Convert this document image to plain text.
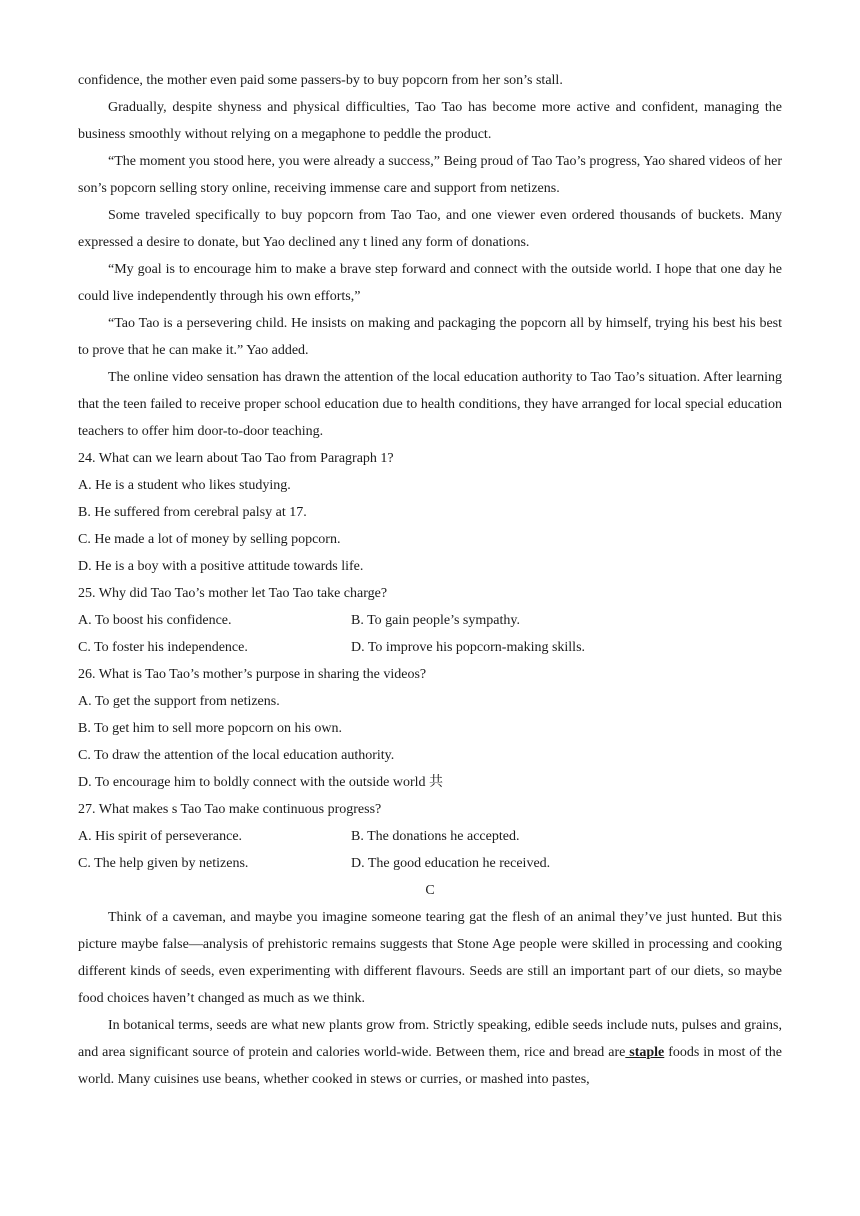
confidence, the mother even paid some passers-by to buy popcorn from her son’s stall.

Gradually, despite shyness and physical difficulties, Tao Tao has become more active and confident, managing the business smoothly without relying on a megaphone to peddle the product.

“The moment you stood here, you were already a success,” Being proud of Tao Tao’s progress, Yao shared videos of her son’s popcorn selling story online, receiving immense care and support from netizens.

Some traveled specifically to buy popcorn from Tao Tao, and one viewer even ordered thousands of buckets. Many expressed a desire to donate, but Yao declined any t lined any form of donations.

“My goal is to encourage him to make a brave step forward and connect with the outside world. I hope that one day he could live independently through his own efforts,”

“Tao Tao is a persevering child. He insists on making and packaging the popcorn all by himself, trying his best his best to prove that he can make it.” Yao added.

The online video sensation has drawn the attention of the local education authority to Tao Tao’s situation. After learning that the teen failed to receive proper school education due to health conditions, they have arranged for local special education teachers to offer him door-to-door teaching.

24. What can we learn about Tao Tao from Paragraph 1?

A. He is a student who likes studying.

B. He suffered from cerebral palsy at 17.

C. He made a lot of money by selling popcorn.

D. He is a boy with a positive attitude towards life.

25. Why did Tao Tao’s mother let Tao Tao take charge?

A. To boost his confidence.	B. To gain people’s sympathy.
C. To foster his independence.	D. To improve his popcorn-making skills.

26. What is Tao Tao’s mother’s purpose in sharing the videos?

A. To get the support from netizens.

B. To get him to sell more popcorn on his own.

C. To draw the attention of the local education authority.

D. To encourage him to boldly connect with the outside world 共

27. What makes s Tao Tao make continuous progress?

A. His spirit of perseverance.	B. The donations he accepted.
C. The help given by netizens.	D. The good education he received.

C

Think of a caveman, and maybe you imagine someone tearing gat the flesh of an animal they’ve just hunted. But this picture maybe false—analysis of prehistoric remains suggests that Stone Age people were skilled in processing and cooking different kinds of seeds, even experimenting with different flavours. Seeds are still an important part of our diets, so maybe food choices haven’t changed as much as we think.

In botanical terms, seeds are what new plants grow from. Strictly speaking, edible seeds include nuts, pulses and grains, and area significant source of protein and calories world-wide. Between them, rice and bread are staple foods in most of the world. Many cuisines use beans, whether cooked in stews or curries, or mashed into pastes,
